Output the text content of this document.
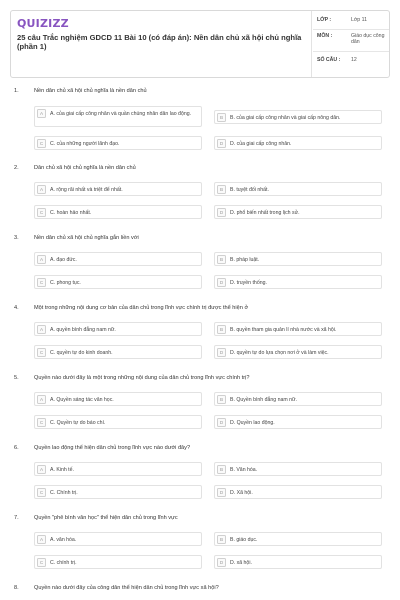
QUIZIZZ
25 câu Trắc nghiệm GDCD 11 Bài 10 (có đáp án): Nền dân chủ xã hội chủ nghĩa (phần 1)
LỚP :	Lớp 11
MÔN :	Giáo dục công dân
SỐ CÂU :	12
1.	Nền dân chủ xã hội chủ nghĩa là nền dân chủ
A	A. của giai cấp công nhân và quần chúng nhân dân lao động.
B	B. của giai cấp công nhân và giai cấp nông dân.
C	C. của những người lãnh đạo.	D	D. của giai cấp công nhân.
2.	Dân chủ xã hội chủ nghĩa là nền dân chủ
A	A. rộng rãi nhất và triệt để nhất.	B	B. tuyệt đối nhất.
C	C. hoàn hảo nhất.	D	D. phổ biến nhất trong lịch sử.
3.	Nền dân chủ xã hội chủ nghĩa gắn liền với
A	A. đạo đức.	B	B. pháp luật.
C	C. phong tục.	D	D. truyền thống.
4.	Một trong những nội dung cơ bản của dân chủ trong lĩnh vực chính trị được thể hiện ở
A	A. quyền bình đẳng nam nữ.	B	B. quyền tham gia quản lí nhà nước và xã hội.
C	C. quyền tự do kinh doanh.	D	D. quyền tự do lựa chọn nơi ở và làm việc.
5.	Quyền nào dưới đây là một trong những nội dung của dân chủ trong lĩnh vực chính trị?
A	A. Quyền sáng tác văn học.	B	B. Quyền bình đẳng nam nữ.
C	C. Quyền tự do báo chí.	D	D. Quyền lao động.
6.	Quyền lao động thể hiện dân chủ trong lĩnh vực nào dưới đây?
A	A. Kinh tế.	B	B. Văn hóa.
C	C. Chính trị.	D	D. Xã hội.
7.	Quyền "phê bình văn học" thể hiện dân chủ trong lĩnh vực
A	A. văn hóa.	B	B. giáo dục.
C	C. chính trị.	D	D. xã hội.
8.	Quyền nào dưới đây của công dân thể hiện dân chủ trong lĩnh vực xã hội?
